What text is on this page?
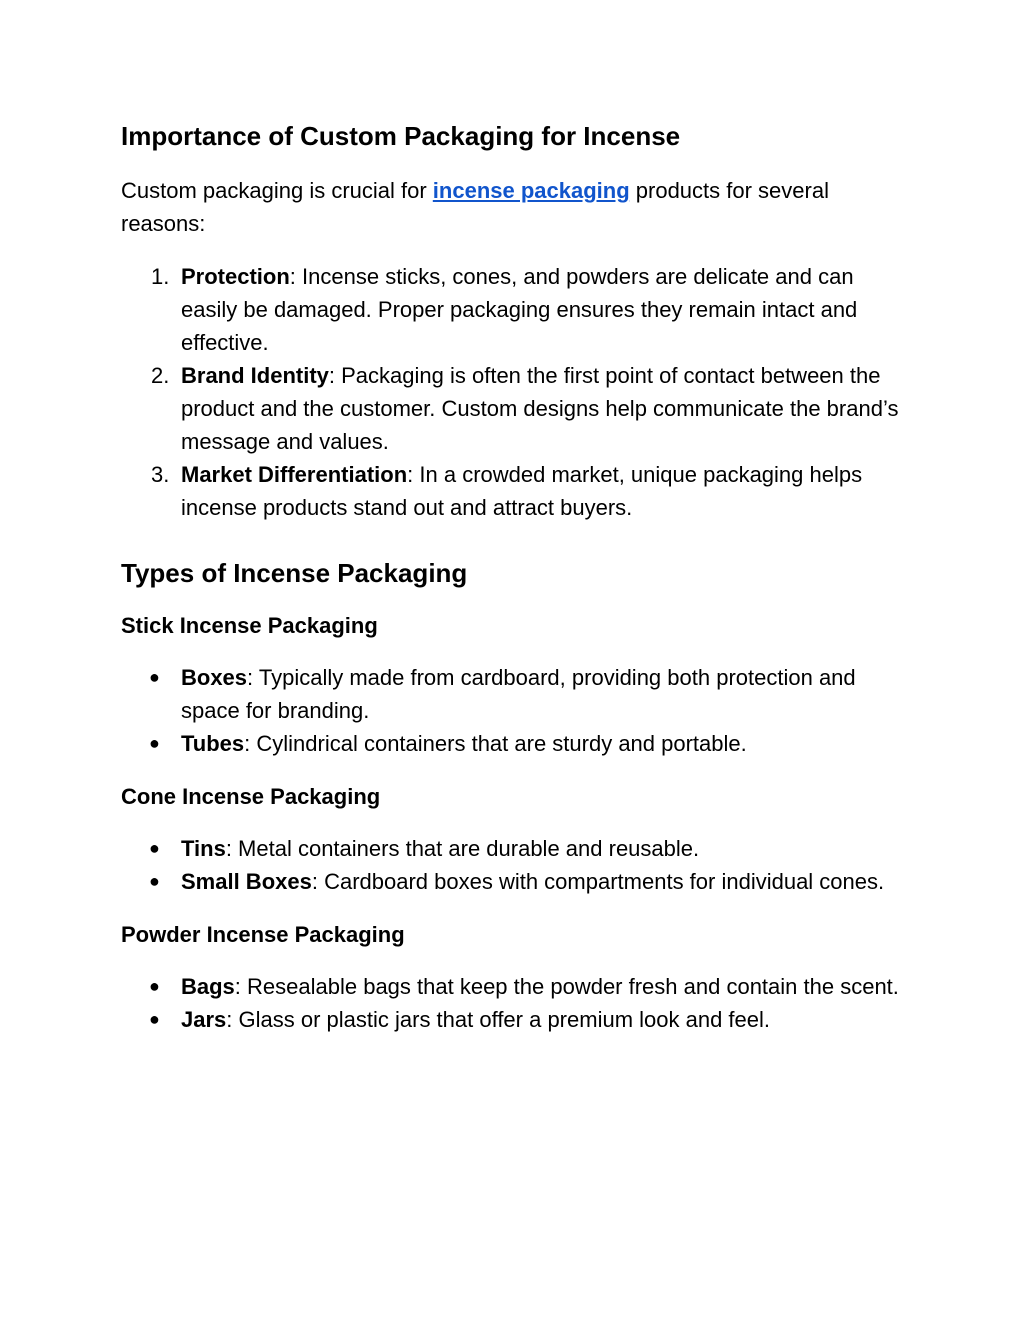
Importance of Custom Packaging for Incense

Custom packaging is crucial for incense packaging products for several reasons:

1. Protection: Incense sticks, cones, and powders are delicate and can easily be damaged. Proper packaging ensures they remain intact and effective.
2. Brand Identity: Packaging is often the first point of contact between the product and the customer. Custom designs help communicate the brand’s message and values.
3. Market Differentiation: In a crowded market, unique packaging helps incense products stand out and attract buyers.
Types of Incense Packaging
Stick Incense Packaging
● Boxes: Typically made from cardboard, providing both protection and space for branding.
● Tubes: Cylindrical containers that are sturdy and portable.
Cone Incense Packaging
● Tins: Metal containers that are durable and reusable.
● Small Boxes: Cardboard boxes with compartments for individual cones.
Powder Incense Packaging
● Bags: Resealable bags that keep the powder fresh and contain the scent.
● Jars: Glass or plastic jars that offer a premium look and feel.
